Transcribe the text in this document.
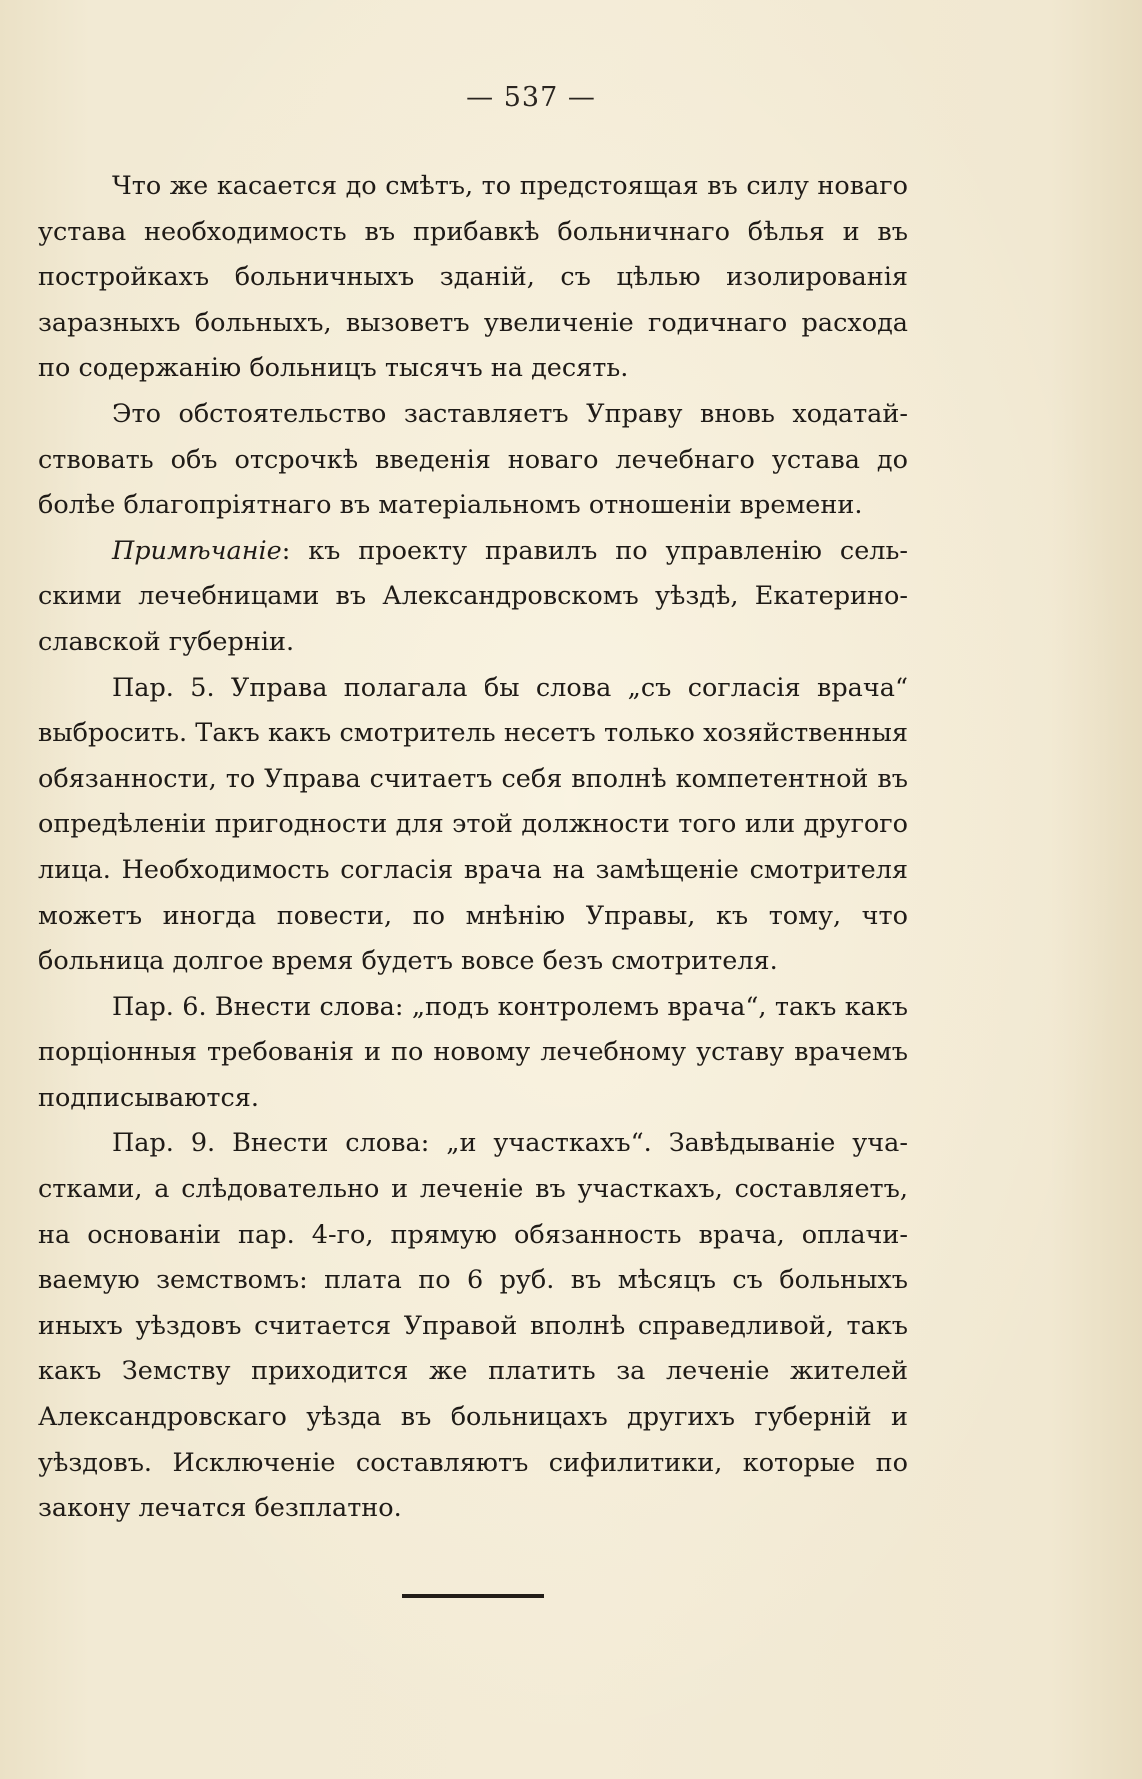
— 537 —

Что же касается до смѣтъ, то предстоящая въ силу новаго устава необходимость въ прибавкѣ больничнаго бѣлья и въ постройкахъ больничныхъ зданій, съ цѣлью изолированія заразныхъ больныхъ, вызоветъ увеличеніе годичнаго расхода по содержанію больницъ тысячъ на десять.

Это обстоятельство заставляетъ Управу вновь ходатайствовать объ отсрочкѣ введенія новаго лечебнаго устава до болѣе благопріятнаго въ матеріальномъ отношеніи времени.

Примѣчаніе: къ проекту правилъ по управленію сельскими лечебницами въ Александровскомъ уѣздѣ, Екатеринославской губерніи.

Пар. 5. Управа полагала бы слова „съ согласія врача“ выбросить. Такъ какъ смотритель несетъ только хозяйственныя обязанности, то Управа считаетъ себя вполнѣ компетентной въ опредѣленіи пригодности для этой должности того или другого лица. Необходимость согласія врача на замѣщеніе смотрителя можетъ иногда повести, по мнѣнію Управы, къ тому, что больница долгое время будетъ вовсе безъ смотрителя.

Пар. 6. Внести слова: „подъ контролемъ врача“, такъ какъ порціонныя требованія и по новому лечебному уставу врачемъ подписываются.

Пар. 9. Внести слова: „и участкахъ“. Завѣдываніе участками, а слѣдовательно и леченіе въ участкахъ, составляетъ, на основаніи пар. 4-го, прямую обязанность врача, оплачиваемую земствомъ: плата по 6 руб. въ мѣсяцъ съ больныхъ иныхъ уѣздовъ считается Управой вполнѣ справедливой, такъ какъ Земству приходится же платить за леченіе жителей Александровскаго уѣзда въ больницахъ другихъ губерній и уѣздовъ. Исключеніе составляютъ сифилитики, которые по закону лечатся безплатно.
